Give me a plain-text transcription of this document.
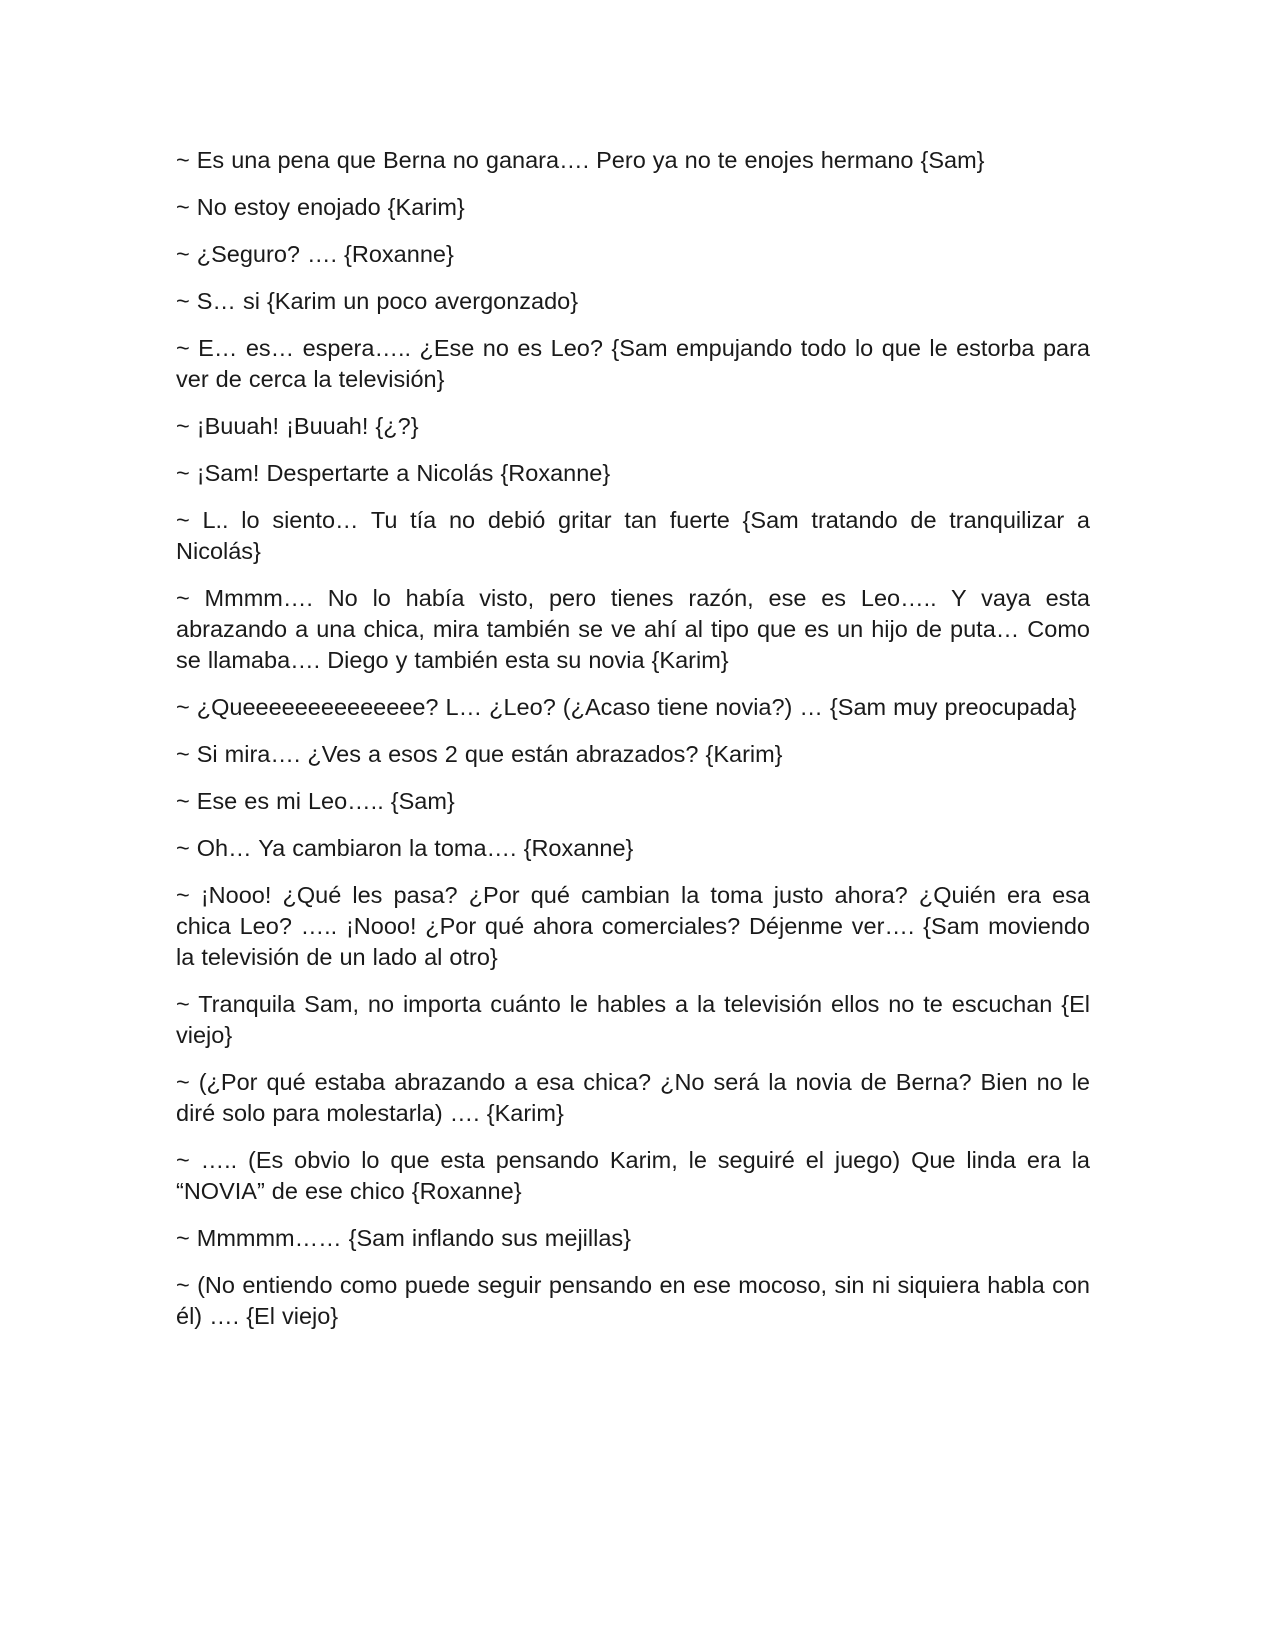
~ Es una pena que Berna no ganara…. Pero ya no te enojes hermano {Sam}

~ No estoy enojado {Karim}

~ ¿Seguro? …. {Roxanne}

~ S… si {Karim un poco avergonzado}

~ E… es… espera….. ¿Ese no es Leo? {Sam empujando todo lo que le estorba para ver de cerca la televisión}

~ ¡Buuah! ¡Buuah! {¿?}

~ ¡Sam! Despertarte a Nicolás {Roxanne}

~ L.. lo siento… Tu tía no debió gritar tan fuerte {Sam tratando de tranquilizar a Nicolás}

~ Mmmm…. No lo había visto, pero tienes razón, ese es Leo….. Y vaya esta abrazando a una chica, mira también se ve ahí al tipo que es un hijo de puta… Como se llamaba…. Diego y también esta su novia {Karim}

~ ¿Queeeeeeeeeeeeee? L… ¿Leo? (¿Acaso tiene novia?) … {Sam muy preocupada}

~ Si mira…. ¿Ves a esos 2 que están abrazados? {Karim}

~ Ese es mi Leo….. {Sam}

~ Oh… Ya cambiaron la toma…. {Roxanne}

~ ¡Nooo! ¿Qué les pasa? ¿Por qué cambian la toma justo ahora? ¿Quién era esa chica Leo? ….. ¡Nooo! ¿Por qué ahora comerciales? Déjenme ver…. {Sam moviendo la televisión de un lado al otro}

~ Tranquila Sam, no importa cuánto le hables a la televisión ellos no te escuchan {El viejo}

~ (¿Por qué estaba abrazando a esa chica? ¿No será la novia de Berna? Bien no le diré solo para molestarla) …. {Karim}

~ ….. (Es obvio lo que esta pensando Karim, le seguiré el juego) Que linda era la “NOVIA” de ese chico {Roxanne}

~ Mmmmm…… {Sam inflando sus mejillas}

~ (No entiendo como puede seguir pensando en ese mocoso, sin ni siquiera habla con él) …. {El viejo}
